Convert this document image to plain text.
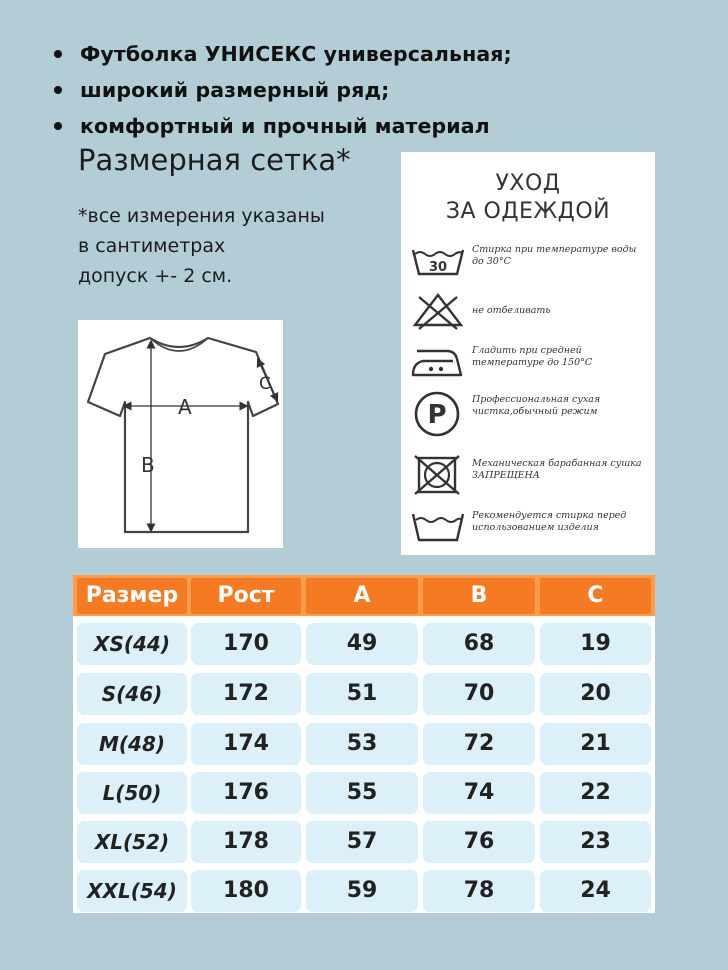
Футболка УНИСЕКС универсальная;
широкий размерный ряд;
комфортный и прочный материал
Размерная сетка*
*все измерения указаны
в сантиметрах
допуск +- 2 см.
A
B
C
УХОД
ЗА ОДЕЖДОЙ
30
Стирка при температуре воды до 30°С
не отбеливать
Гладить при средней температуре до 150°С
P
Профессиональная сухая чистка,обычный режим
Механическая барабанная сушка ЗАПРЕЩЕНА
Рекомендуется стирка перед использованием изделия
Размер	Рост	A	B	C
XS(44)	170	49	68	19
S(46)	172	51	70	20
M(48)	174	53	72	21
L(50)	176	55	74	22
XL(52)	178	57	76	23
XXL(54)	180	59	78	24
